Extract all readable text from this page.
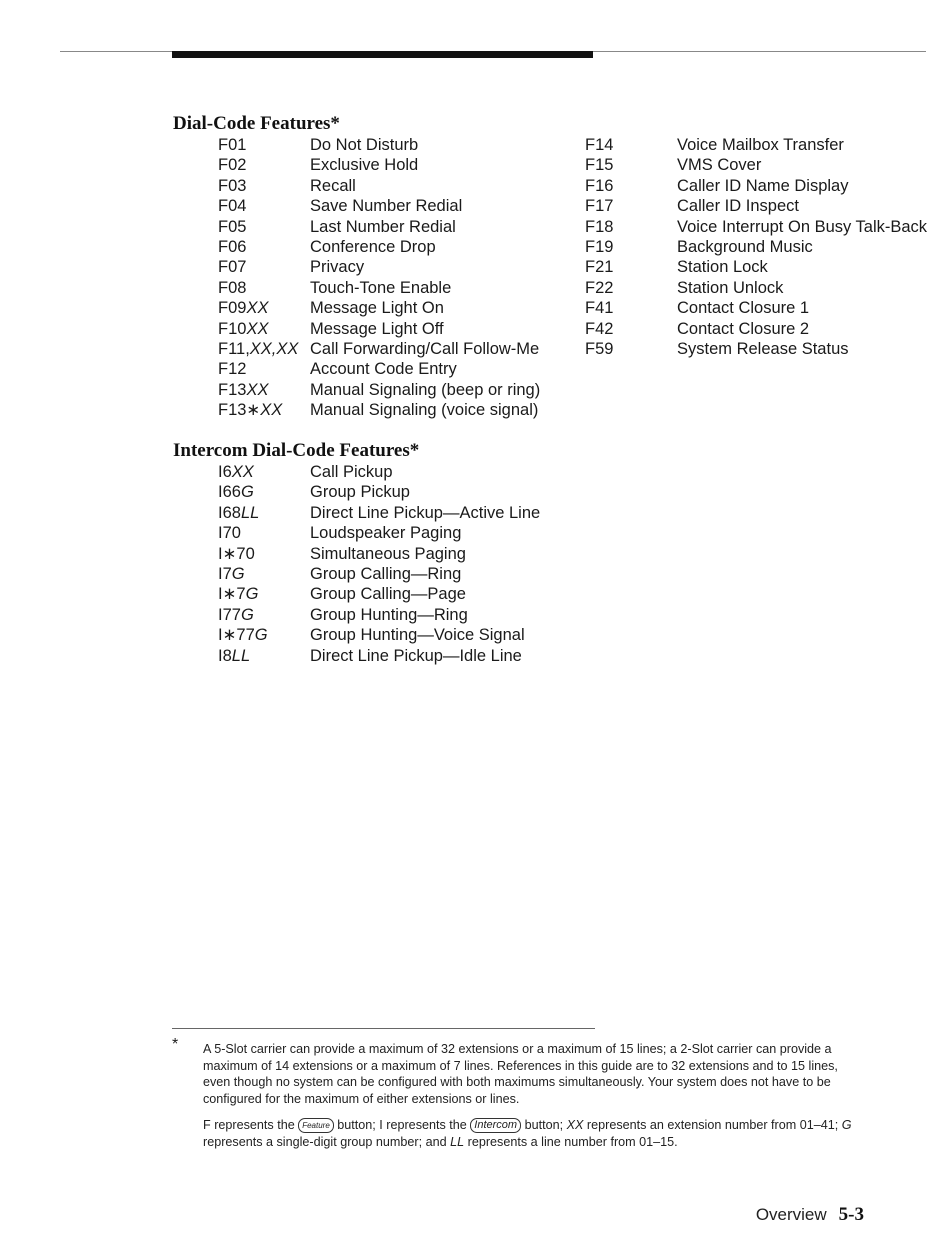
Dial-Code Features*
F01	Do Not Disturb
F02	Exclusive Hold
F03	Recall
F04	Save Number Redial
F05	Last Number Redial
F06	Conference Drop
F07	Privacy
F08	Touch-Tone Enable
F09XX	Message Light On
F10XX	Message Light Off
F11,XX,XX Call Forwarding/Call Follow-Me
F12	Account Code Entry
F13XX	Manual Signaling (beep or ring)
F13∗XX Manual Signaling (voice signal)
F14	Voice Mailbox Transfer
F15	VMS Cover
F16	Caller ID Name Display
F17	Caller ID Inspect
F18	Voice Interrupt On Busy Talk-Back
F19	Background Music
F21	Station Lock
F22	Station Unlock
F41	Contact Closure 1
F42	Contact Closure 2
F59	System Release Status
Intercom Dial-Code Features*
I6XX	Call Pickup
I66G	Group Pickup
I68LL	Direct Line Pickup—Active Line
I70	Loudspeaker Paging
I∗70	Simultaneous Paging
I7G	Group Calling—Ring
I∗7G	Group Calling—Page
I77G	Group Hunting—Ring
I∗77G	Group Hunting—Voice Signal
I8LL	Direct Line Pickup—Idle Line
* A 5-Slot carrier can provide a maximum of 32 extensions or a maximum of 15 lines; a 2-Slot carrier can provide a maximum of 14 extensions or a maximum of 7 lines. References in this guide are to 32 extensions and to 15 lines, even though no system can be configured with both maximums simultaneously. Your system does not have to be configured for the maximum of either extensions or lines.

F represents the Feature button; I represents the Intercom button; XX represents an extension number from 01–41; G represents a single-digit group number; and LL represents a line number from 01–15.

Overview 5-3
